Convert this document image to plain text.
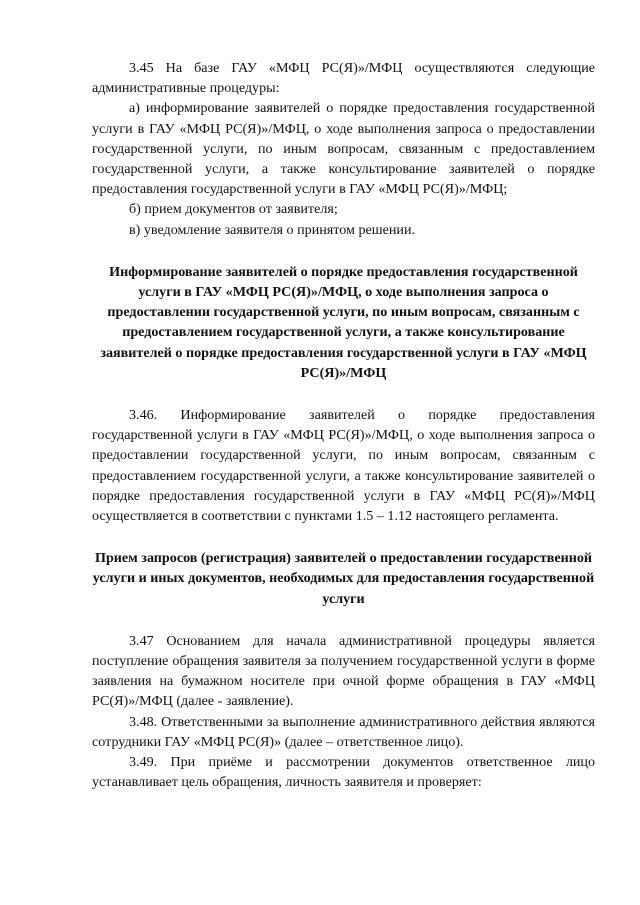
3.45 На базе ГАУ «МФЦ РС(Я)»/МФЦ осуществляются следующие административные процедуры:

а) информирование заявителей о порядке предоставления государственной услуги в ГАУ «МФЦ РС(Я)»/МФЦ, о ходе выполнения запроса о предоставлении государственной услуги, по иным вопросам, связанным с предоставлением государственной услуги, а также консультирование заявителей о порядке предоставления государственной услуги в ГАУ «МФЦ РС(Я)»/МФЦ;

б) прием документов от заявителя;

в) уведомление заявителя о принятом решении.

Информирование заявителей о порядке предоставления государственной услуги в ГАУ «МФЦ РС(Я)»/МФЦ, о ходе выполнения запроса о предоставлении государственной услуги, по иным вопросам, связанным с предоставлением государственной услуги, а также консультирование заявителей о порядке предоставления государственной услуги в ГАУ «МФЦ РС(Я)»/МФЦ

3.46. Информирование заявителей о порядке предоставления государственной услуги в ГАУ «МФЦ РС(Я)»/МФЦ, о ходе выполнения запроса о предоставлении государственной услуги, по иным вопросам, связанным с предоставлением государственной услуги, а также консультирование заявителей о порядке предоставления государственной услуги в ГАУ «МФЦ РС(Я)»/МФЦ осуществляется в соответствии с пунктами 1.5 – 1.12 настоящего регламента.

Прием запросов (регистрация) заявителей о предоставлении государственной услуги и иных документов, необходимых для предоставления государственной услуги

3.47 Основанием для начала административной процедуры является поступление обращения заявителя за получением государственной услуги в форме заявления на бумажном носителе при очной форме обращения в ГАУ «МФЦ РС(Я)»/МФЦ (далее - заявление).

3.48. Ответственными за выполнение административного действия являются сотрудники ГАУ «МФЦ РС(Я)» (далее – ответственное лицо).

3.49. При приёме и рассмотрении документов ответственное лицо устанавливает цель обращения, личность заявителя и проверяет:
